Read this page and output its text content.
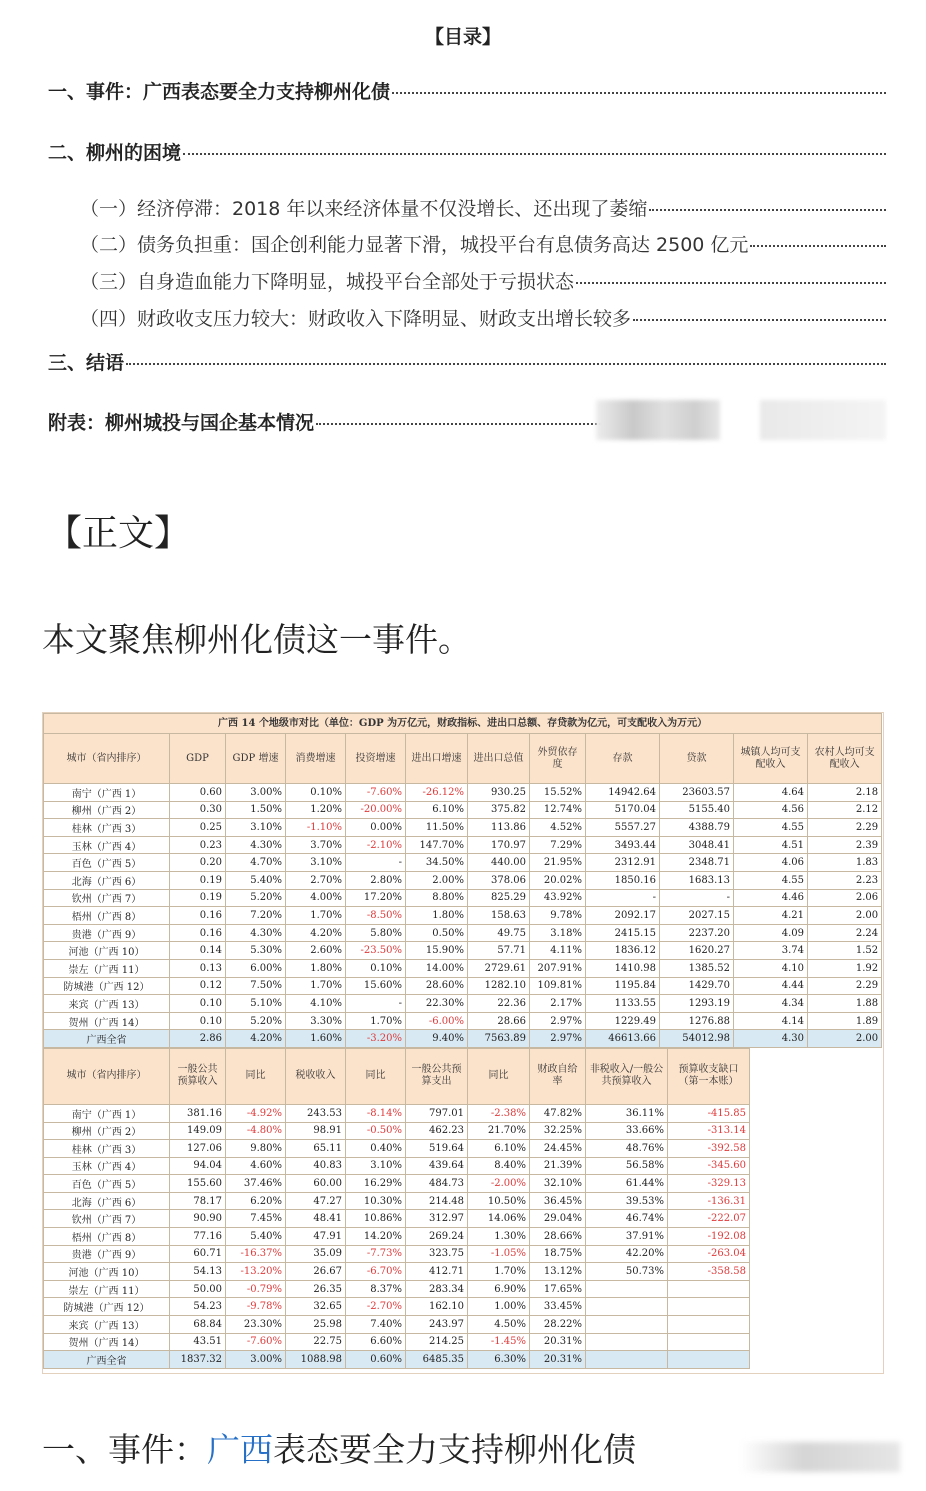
【目录】
一、事件：广西表态要全力支持柳州化债
二、柳州的困境
（一）经济停滞：2018 年以来经济体量不仅没增长、还出现了萎缩
（二）债务负担重：国企创利能力显著下滑，城投平台有息债务高达 2500 亿元
（三）自身造血能力下降明显，城投平台全部处于亏损状态
（四）财政收支压力较大：财政收入下降明显、财政支出增长较多
三、结语
附表：柳州城投与国企基本情况
【正文】
本文聚焦柳州化债这一事件。
广西 14 个地级市对比（单位：GDP 为万亿元，财政指标、进出口总额、存贷款为亿元，可支配收入为万元）											
城市（省内排序）	GDP	GDP 增速	消费增速	投资增速	进出口增速	进出口总值	外贸依存度	存款	贷款	城镇人均可支配收入	农村人均可支配收入
南宁（广西 1）	0.60	3.00%	0.10%	-7.60%	-26.12%	930.25	15.52%	14942.64	23603.57	4.64	2.18
柳州（广西 2）	0.30	1.50%	1.20%	-20.00%	6.10%	375.82	12.74%	5170.04	5155.40	4.56	2.12
桂林（广西 3）	0.25	3.10%	-1.10%	0.00%	11.50%	113.86	4.52%	5557.27	4388.79	4.55	2.29
玉林（广西 4）	0.23	4.30%	3.70%	-2.10%	147.70%	170.97	7.29%	3493.44	3048.41	4.51	2.39
百色（广西 5）	0.20	4.70%	3.10%	-	34.50%	440.00	21.95%	2312.91	2348.71	4.06	1.83
北海（广西 6）	0.19	5.40%	2.70%	2.80%	2.00%	378.06	20.02%	1850.16	1683.13	4.55	2.23
钦州（广西 7）	0.19	5.20%	4.00%	17.20%	8.80%	825.29	43.92%	-	-	4.46	2.06
梧州（广西 8）	0.16	7.20%	1.70%	-8.50%	1.80%	158.63	9.78%	2092.17	2027.15	4.21	2.00
贵港（广西 9）	0.16	4.30%	4.20%	5.80%	0.50%	49.75	3.18%	2415.15	2237.20	4.09	2.24
河池（广西 10）	0.14	5.30%	2.60%	-23.50%	15.90%	57.71	4.11%	1836.12	1620.27	3.74	1.52
崇左（广西 11）	0.13	6.00%	1.80%	0.10%	14.00%	2729.61	207.91%	1410.98	1385.52	4.10	1.92
防城港（广西 12）	0.12	7.50%	1.70%	15.60%	28.60%	1282.10	109.81%	1195.84	1429.70	4.44	2.29
来宾（广西 13）	0.10	5.10%	4.10%	-	22.30%	22.36	2.17%	1133.55	1293.19	4.34	1.88
贺州（广西 14）	0.10	5.20%	3.30%	1.70%	-6.00%	28.66	2.97%	1229.49	1276.88	4.14	1.89
广西全省	2.86	4.20%	1.60%	-3.20%	9.40%	7563.89	2.97%	46613.66	54012.98	4.30	2.00
城市（省内排序）	一般公共预算收入	同比	税收收入	同比	一般公共预算支出	同比	财政自给率	非税收入/一般公共预算收入	预算收支缺口（第一本账）
南宁（广西 1）	381.16	-4.92%	243.53	-8.14%	797.01	-2.38%	47.82%	36.11%	-415.85
柳州（广西 2）	149.09	-4.80%	98.91	-0.50%	462.23	21.70%	32.25%	33.66%	-313.14
桂林（广西 3）	127.06	9.80%	65.11	0.40%	519.64	6.10%	24.45%	48.76%	-392.58
玉林（广西 4）	94.04	4.60%	40.83	3.10%	439.64	8.40%	21.39%	56.58%	-345.60
百色（广西 5）	155.60	37.46%	60.00	16.29%	484.73	-2.00%	32.10%	61.44%	-329.13
北海（广西 6）	78.17	6.20%	47.27	10.30%	214.48	10.50%	36.45%	39.53%	-136.31
钦州（广西 7）	90.90	7.45%	48.41	10.86%	312.97	14.06%	29.04%	46.74%	-222.07
梧州（广西 8）	77.16	5.40%	47.91	14.20%	269.24	1.30%	28.66%	37.91%	-192.08
贵港（广西 9）	60.71	-16.37%	35.09	-7.73%	323.75	-1.05%	18.75%	42.20%	-263.04
河池（广西 10）	54.13	-13.20%	26.67	-6.70%	412.71	1.70%	13.12%	50.73%	-358.58
崇左（广西 11）	50.00	-0.79%	26.35	8.37%	283.34	6.90%	17.65%		
防城港（广西 12）	54.23	-9.78%	32.65	-2.70%	162.10	1.00%	33.45%		
来宾（广西 13）	68.84	23.30%	25.98	7.40%	243.97	4.50%	28.22%		
贺州（广西 14）	43.51	-7.60%	22.75	6.60%	214.25	-1.45%	20.31%		
广西全省	1837.32	3.00%	1088.98	0.60%	6485.35	6.30%	20.31%		
一、事件：广西表态要全力支持柳州化债
